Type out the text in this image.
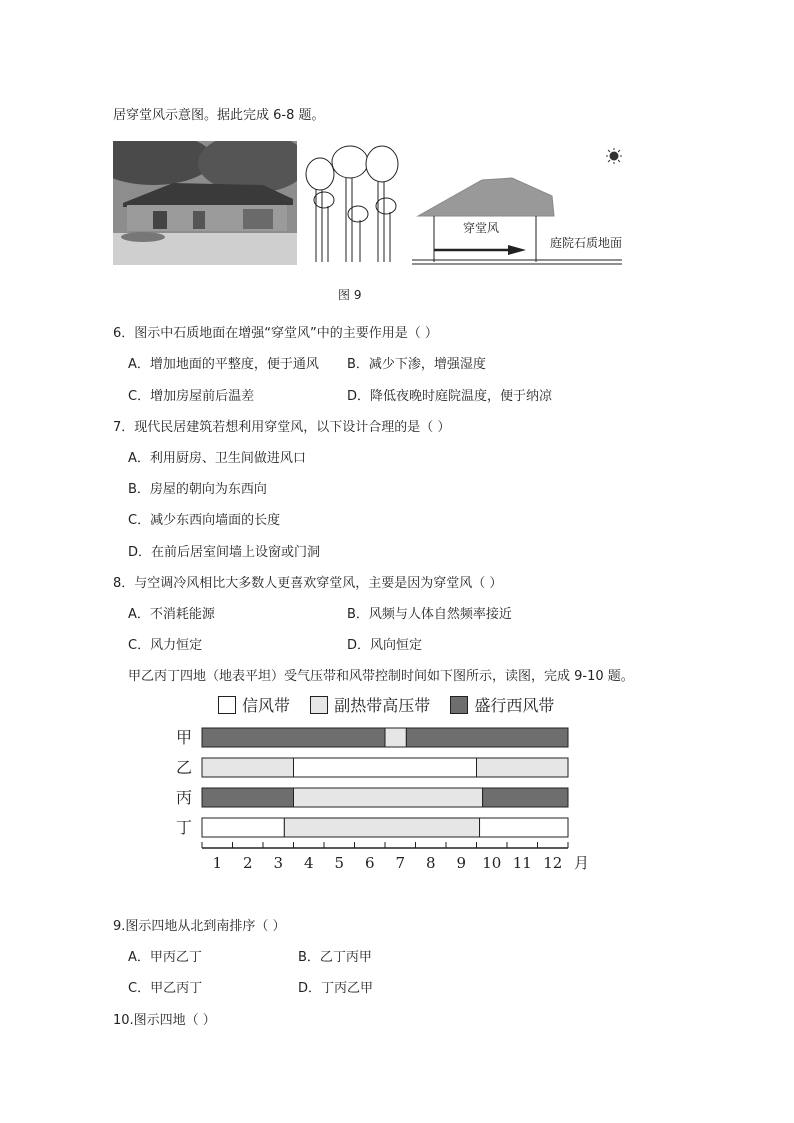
居穿堂风示意图。据此完成 6-8 题。
穿堂风
庭院石质地面
图 9
6．图示中石质地面在增强“穿堂风”中的主要作用是（ ）
A．增加地面的平整度，便于通风 B．减少下渗，增强湿度
C．增加房屋前后温差	D．降低夜晚时庭院温度，便于纳凉
7．现代民居建筑若想利用穿堂风，以下设计合理的是（ ）
A．利用厨房、卫生间做进风口
B．房屋的朝向为东西向
C．减少东西向墙面的长度
D．在前后居室间墙上设窗或门洞
8．与空调冷风相比大多数人更喜欢穿堂风，主要是因为穿堂风（ ）
A．不消耗能源	B．风频与人体自然频率接近
C．风力恒定	D．风向恒定
甲乙丙丁四地（地表平坦）受气压带和风带控制时间如下图所示，读图，完成 9-10 题。
信风带	副热带高压带	盛行西风带
甲
乙
丙
丁
1 2 3 4 5 6 7 8 9 10 11 12 月
9.图示四地从北到南排序（ ）
A．甲丙乙丁	B．乙丁丙甲
C．甲乙丙丁	D．丁丙乙甲
10.图示四地（ ）
